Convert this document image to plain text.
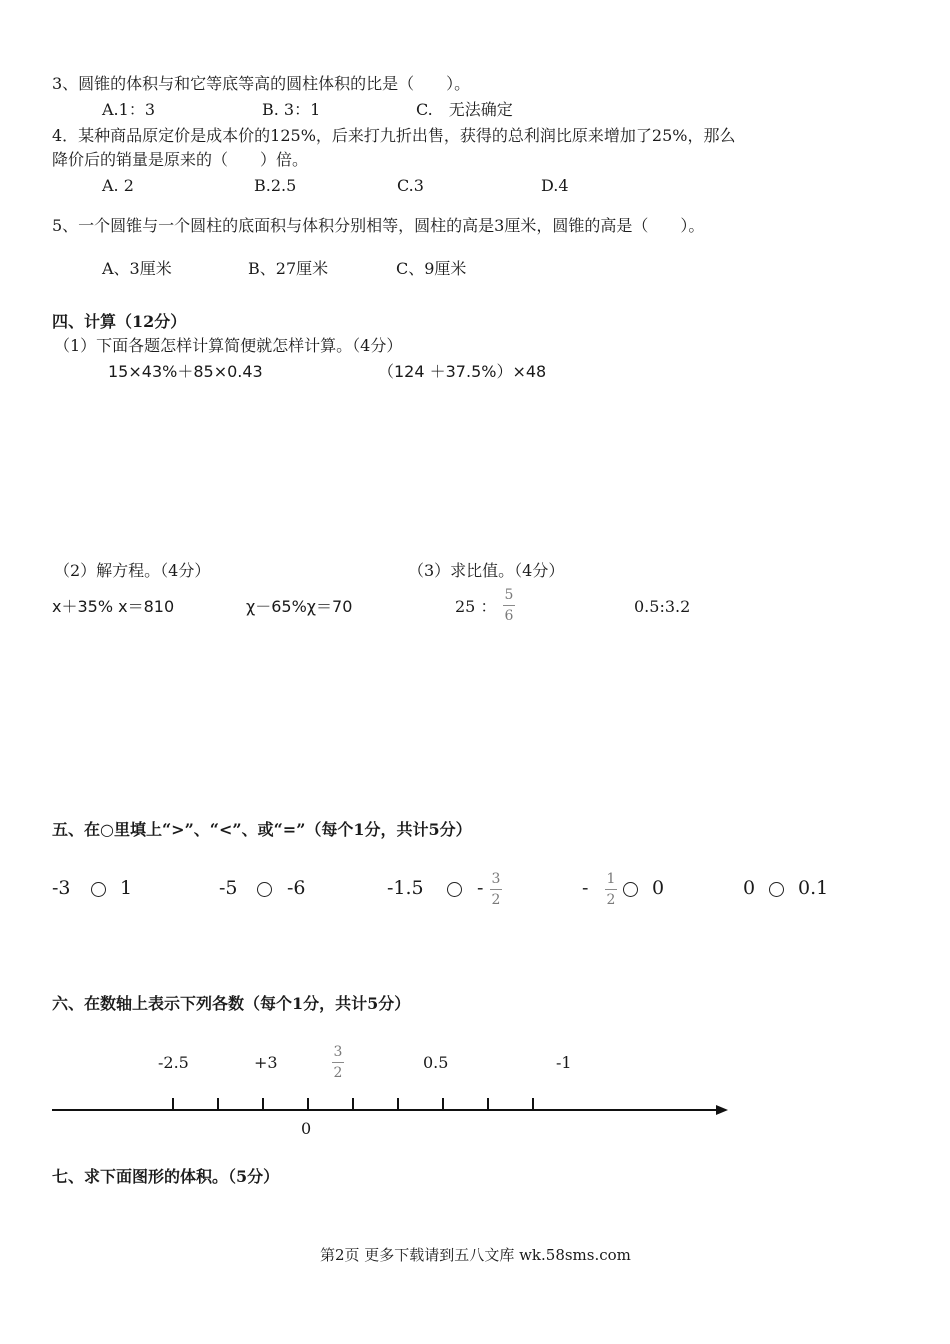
3、圆锥的体积与和它等底等高的圆柱体积的比是（　　）。
A.1：3	B. 3：1	C.　无法确定
4．某种商品原定价是成本价的125%，后来打九折出售，获得的总利润比原来增加了25%，那么
降价后的销量是原来的（　　）倍。
A. 2	B.2.5	C.3	D.4
5、一个圆锥与一个圆柱的底面积与体积分别相等，圆柱的高是3厘米，圆锥的高是（　　）。
A、3厘米	B、27厘米	C、9厘米
四、计算（12分）
（1）下面各题怎样计算简便就怎样计算。（4分）
15×43%＋85×0.43	（124 ＋37.5%）×48
（2）解方程。（4分）	（3）求比值。（4分）
x＋35% x＝810	χ－65%χ＝70	25 ：
5
6	0.5:3.2
五、在○里填上“>”、“<”、或“=”（每个1分，共计5分）
-3	1	-5	-6	-1.5	- 3
2
- 1
2
0	0 0.1
六、在数轴上表示下列各数（每个1分，共计5分）
-2.5	+3
3
2
0.5	-1
0
七、求下面图形的体积。（5分）
第2页 更多下载请到五八文库 wk.58sms.com
